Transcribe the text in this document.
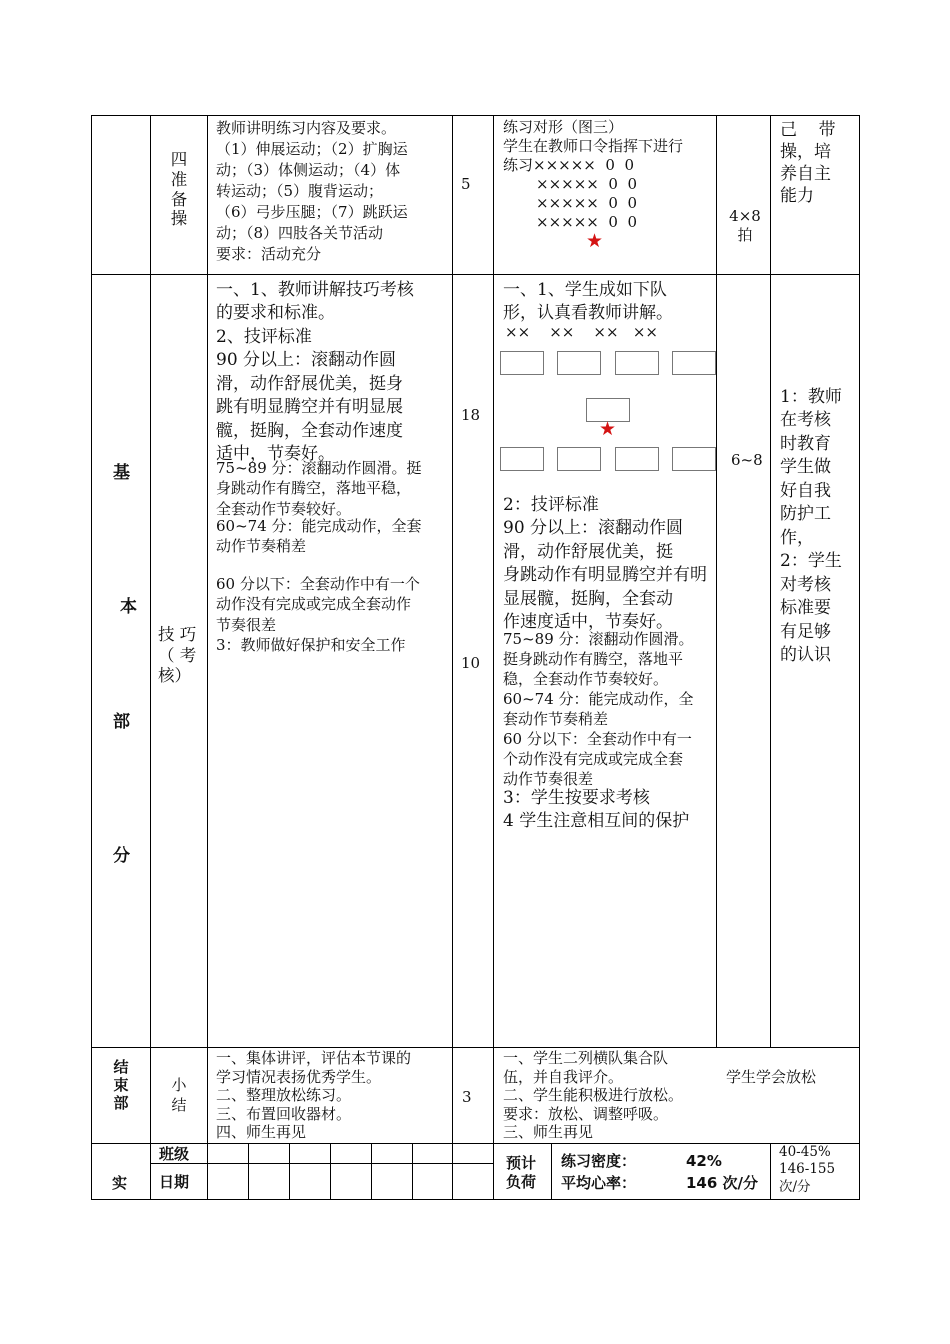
四
准
备
操
教师讲明练习内容及要求。
（1）伸展运动；（2）扩胸运
动；（3）体侧运动；（4）体
转运动；（5）腹背运动；
（6）弓步压腿；（7）跳跃运
动；（8）四肢各关节活动
要求：活动充分
5
练习对形（图三）
学生在教师口令指挥下进行
练习×××××  0  0
×××××  0  0
×××××  0  0
×××××  0  0
★
4×8
拍
己    带
操，培
养自主
能力
基
本
部
分
技 巧
（ 考
核）
一、1、教师讲解技巧考核
的要求和标准。
2、技评标准
90 分以上：滚翻动作圆
滑，动作舒展优美，挺身
跳有明显腾空并有明显展
髋，挺胸，全套动作速度
适中，节奏好。
75~89 分：滚翻动作圆滑。挺
身跳动作有腾空，落地平稳，
全套动作节奏较好。
60~74 分：能完成动作，全套
动作节奏稍差
60 分以下：全套动作中有一个
动作没有完成或完成全套动作
节奏很差
3：教师做好保护和安全工作
18
10
一、1、学生成如下队
形，认真看教师讲解。
××    ××    ××   ××
★
2：技评标准
90 分以上：滚翻动作圆
滑，动作舒展优美，挺
身跳动作有明显腾空并有明
显展髋，挺胸，全套动
作速度适中，节奏好。
75~89 分：滚翻动作圆滑。
挺身跳动作有腾空，落地平
稳，全套动作节奏较好。
60~74 分：能完成动作，全
套动作节奏稍差
60 分以下：全套动作中有一
个动作没有完成或完成全套
动作节奏很差
3：学生按要求考核
4 学生注意相互间的保护
6~8
1：教师
在考核
时教育
学生做
好自我
防护工
作，
2：学生
对考核
标准要
有足够
的认识
结
束
部
小
结
一、集体讲评，评估本节课的
学习情况表扬优秀学生。
二、整理放松练习。
三、布置回收器材。
四、师生再见
3
一、学生二列横队集合队
伍，并自我评介。
二、学生能积极进行放松。
要求：放松、调整呼吸。
三、师生再见
学生学会放松
实
班级
日期
预计
负荷
练习密度：	42%
平均心率：	146 次/分
40-45%
146-155
次/分
